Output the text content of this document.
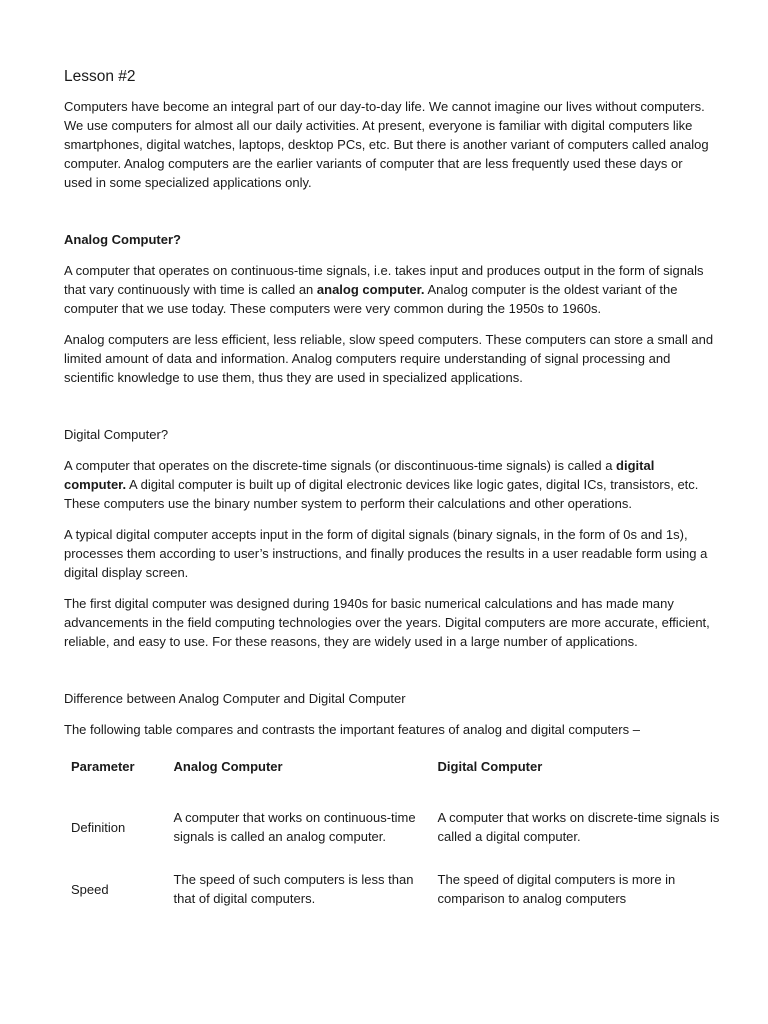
Lesson #2

Computers have become an integral part of our day-to-day life. We cannot imagine our lives without computers. We use computers for almost all our daily activities. At present, everyone is familiar with digital computers like smartphones, digital watches, laptops, desktop PCs, etc. But there is another variant of computers called analog computer. Analog computers are the earlier variants of computer that are less frequently used these days or used in some specialized applications only.

Analog Computer?

A computer that operates on continuous-time signals, i.e. takes input and produces output in the form of signals that vary continuously with time is called an analog computer. Analog computer is the oldest variant of the computer that we use today. These computers were very common during the 1950s to 1960s.

Analog computers are less efficient, less reliable, slow speed computers. These computers can store a small and limited amount of data and information. Analog computers require understanding of signal processing and scientific knowledge to use them, thus they are used in specialized applications.

Digital Computer?

A computer that operates on the discrete-time signals (or discontinuous-time signals) is called a digital computer. A digital computer is built up of digital electronic devices like logic gates, digital ICs, transistors, etc. These computers use the binary number system to perform their calculations and other operations.

A typical digital computer accepts input in the form of digital signals (binary signals, in the form of 0s and 1s), processes them according to user’s instructions, and finally produces the results in a user readable form using a digital display screen.

The first digital computer was designed during 1940s for basic numerical calculations and has made many advancements in the field computing technologies over the years. Digital computers are more accurate, efficient, reliable, and easy to use. For these reasons, they are widely used in a large number of applications.

Difference between Analog Computer and Digital Computer

The following table compares and contrasts the important features of analog and digital computers –

Parameter	Analog Computer	Digital Computer
Definition	A computer that works on continuous-time signals is called an analog computer.	A computer that works on discrete-time signals is called a digital computer.
Speed	The speed of such computers is less than that of digital computers.	The speed of digital computers is more in comparison to analog computers
